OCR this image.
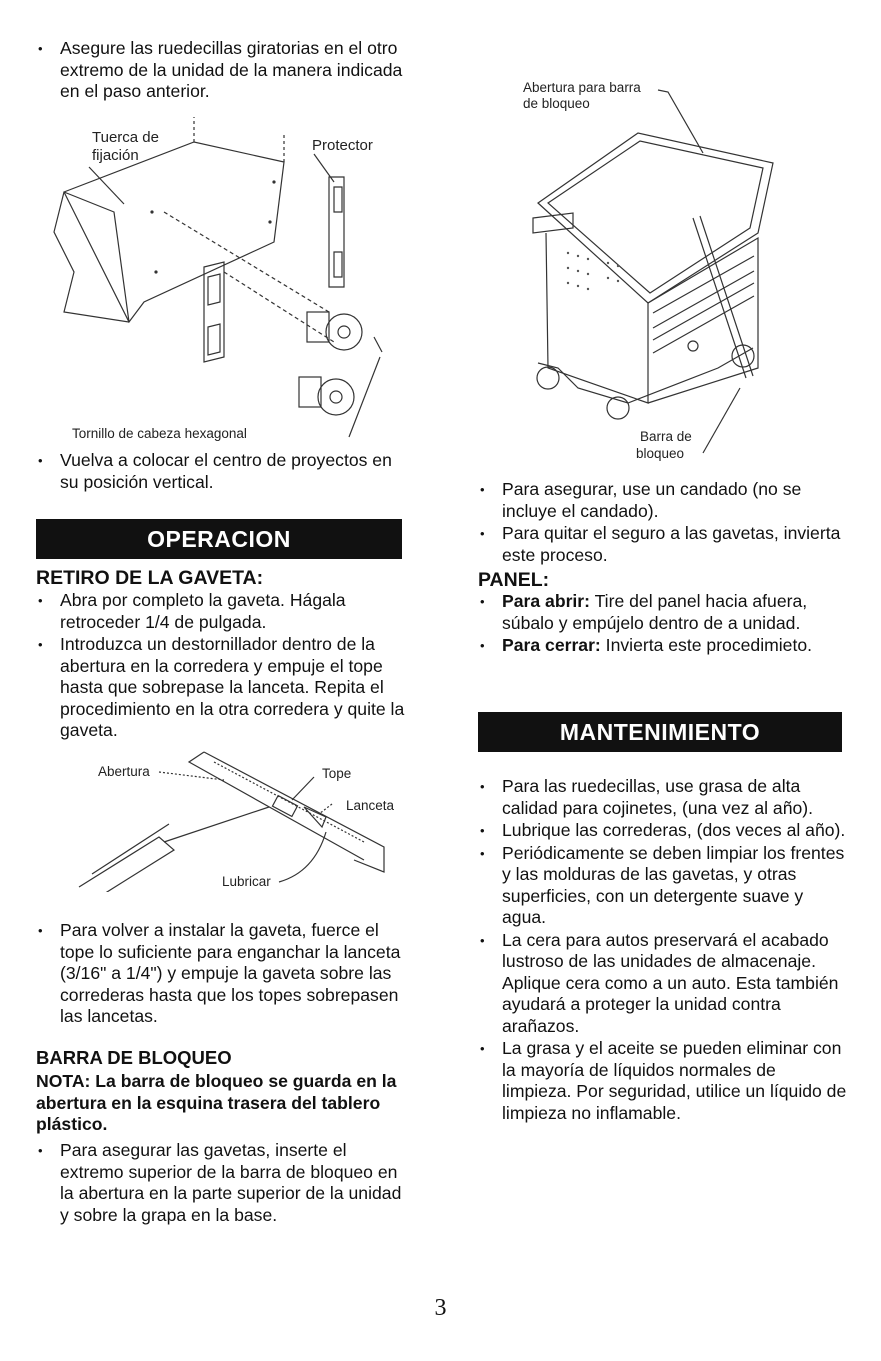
• Asegure las ruedecillas giratorias en el otro extremo de la unidad de la manera indicada en el paso anterior.
Tuerca de
fijación
Protector
Tornillo de cabeza hexagonal
• Vuelva a colocar el centro de proyectos en su posición vertical.
OPERACION
RETIRO DE LA GAVETA:
• Abra por completo la gaveta. Hágala retroceder 1/4 de pulgada.
• Introduzca un destornillador dentro de la abertura en la corredera y empuje el tope hasta que sobrepase la lanceta. Repita el procedimiento en la otra corredera y quite la gaveta.
Abertura	Tope
Lanceta
Lubricar
• Para volver a instalar la gaveta, fuerce el tope lo suficiente para enganchar la lanceta (3/16" a 1/4") y empuje la gaveta sobre las correderas hasta que los topes sobrepasen las lancetas.
BARRA DE BLOQUEO
NOTA: La barra de bloqueo se guarda en la abertura en la esquina trasera del tablero plástico.
• Para asegurar las gavetas, inserte el extremo superior de la barra de bloqueo en la abertura en la parte superior de la unidad y sobre la grapa en la base.
Abertura para barra
de bloqueo
Barra de
bloqueo
• Para asegurar, use un candado (no se incluye el candado).
• Para quitar el seguro a las gavetas, invierta este proceso.
PANEL:
• Para abrir: Tire del panel hacia afuera, súbalo y empújelo dentro de a unidad.
• Para cerrar: Invierta este procedimieto.
MANTENIMIENTO
• Para las ruedecillas, use grasa de alta calidad para cojinetes, (una vez al año).
• Lubrique las correderas, (dos veces al año).
• Periódicamente se deben limpiar los frentes y las molduras de las gavetas, y otras superficies, con un detergente suave y agua.
• La cera para autos preservará el acabado lustroso de las unidades de almacenaje. Aplique cera como a un auto. Esta también ayudará a proteger la unidad contra arañazos.
• La grasa y el aceite se pueden eliminar con la mayoría de líquidos normales de limpieza. Por seguridad, utilice un líquido de limpieza no inflamable.
3
